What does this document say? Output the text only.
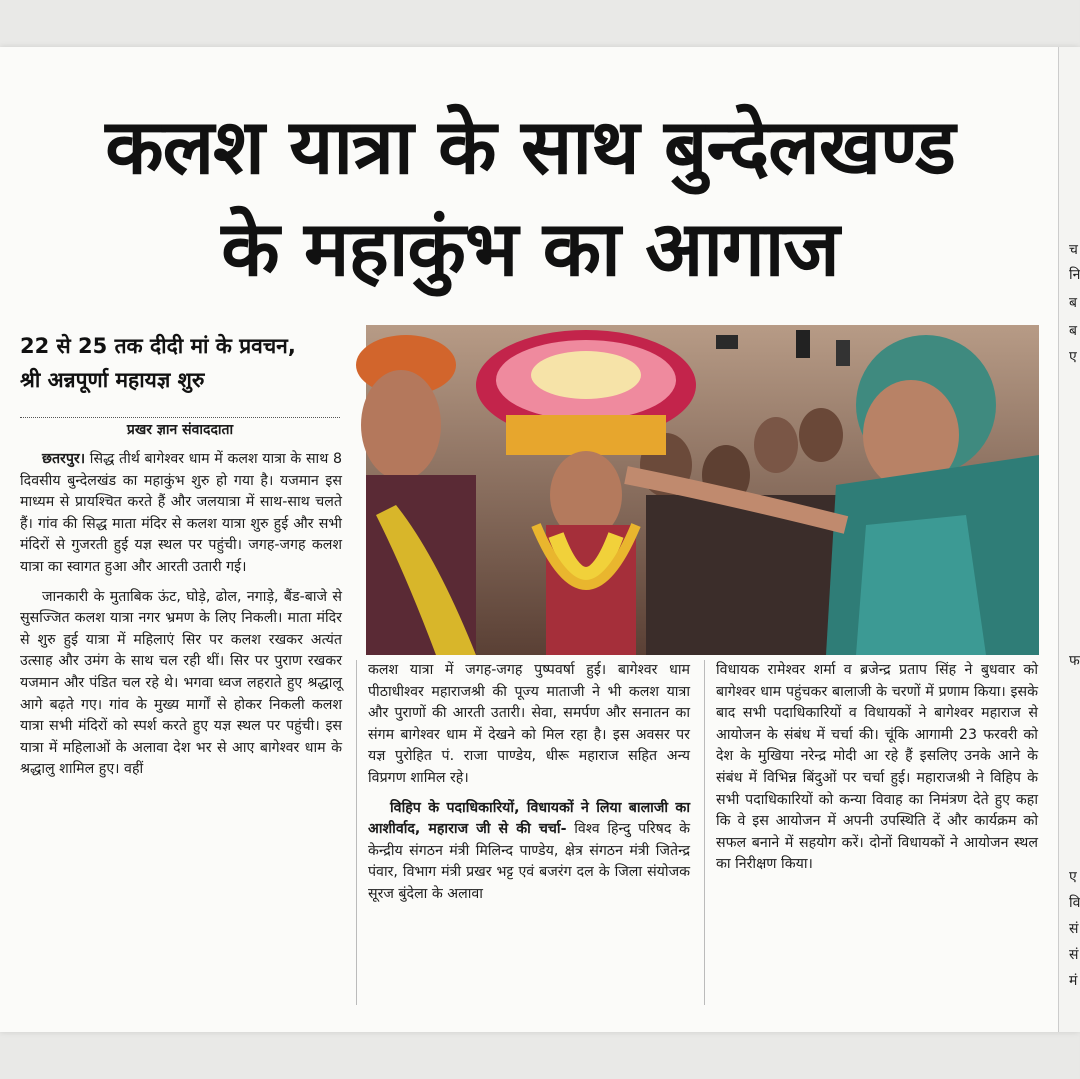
कलश यात्रा के साथ बुन्देलखण्ड
के महाकुंभ का आगाज
22 से 25 तक दीदी मां के प्रवचन,
श्री अन्नपूर्णा महायज्ञ शुरु
प्रखर ज्ञान संवाददाता

छतरपुर। सिद्ध तीर्थ बागेश्वर धाम में कलश यात्रा के साथ 8 दिवसीय बुन्देलखंड का महाकुंभ शुरु हो गया है। यजमान इस माध्यम से प्रायश्चित करते हैं और जलयात्रा में साथ-साथ चलते हैं। गांव की सिद्ध माता मंदिर से कलश यात्रा शुरु हुई और सभी मंदिरों से गुजरती हुई यज्ञ स्थल पर पहुंची। जगह-जगह कलश यात्रा का स्वागत हुआ और आरती उतारी गई।

जानकारी के मुताबिक ऊंट, घोड़े, ढोल, नगाड़े, बैंड-बाजे से सुसज्जित कलश यात्रा नगर भ्रमण के लिए निकली। माता मंदिर से शुरु हुई यात्रा में महिलाएं सिर पर कलश रखकर अत्यंत उत्साह और उमंग के साथ चल रही थीं। सिर पर पुराण रखकर यजमान और पंडित चल रहे थे। भगवा ध्वज लहराते हुए श्रद्धालू आगे बढ़ते गए। गांव के मुख्य मार्गों से होकर निकली कलश यात्रा सभी मंदिरों को स्पर्श करते हुए यज्ञ स्थल पर पहुंची। इस यात्रा में महिलाओं के अलावा देश भर से आए बागेश्वर धाम के श्रद्धालु शामिल हुए। वहीं

कलश यात्रा में जगह-जगह पुष्पवर्षा हुई। बागेश्वर धाम पीठाधीश्वर महाराजश्री की पूज्य माताजी ने भी कलश यात्रा और पुराणों की आरती उतारी। सेवा, समर्पण और सनातन का संगम बागेश्वर धाम में देखने को मिल रहा है। इस अवसर पर यज्ञ पुरोहित पं. राजा पाण्डेय, धीरू महाराज सहित अन्य विप्रगण शामिल रहे।

विहिप के पदाधिकारियों, विधायकों ने लिया बालाजी का आशीर्वाद, महाराज जी से की चर्चा- विश्व हिन्दु परिषद के केन्द्रीय संगठन मंत्री मिलिन्द पाण्डेय, क्षेत्र संगठन मंत्री जितेन्द्र पंवार, विभाग मंत्री प्रखर भट्ट एवं बजरंग दल के जिला संयोजक सूरज बुंदेला के अलावा

विधायक रामेश्वर शर्मा व ब्रजेन्द्र प्रताप सिंह ने बुधवार को बागेश्वर धाम पहुंचकर बालाजी के चरणों में प्रणाम किया। इसके बाद सभी पदाधिकारियों व विधायकों ने बागेश्वर महाराज से आयोजन के संबंध में चर्चा की। चूंकि आगामी 23 फरवरी को देश के मुखिया नरेन्द्र मोदी आ रहे हैं इसलिए उनके आने के संबंध में विभिन्न बिंदुओं पर चर्चा हुई। महाराजश्री ने विहिप के सभी पदाधिकारियों को कन्या विवाह का निमंत्रण देते हुए कहा कि वे इस आयोजन में अपनी उपस्थिति दें और कार्यक्रम को सफल बनाने में सहयोग करें। दोनों विधायकों ने आयोजन स्थल का निरीक्षण किया।

च
नि
ब
ब
ए
फ
ए
वि
सं
सं
मं
